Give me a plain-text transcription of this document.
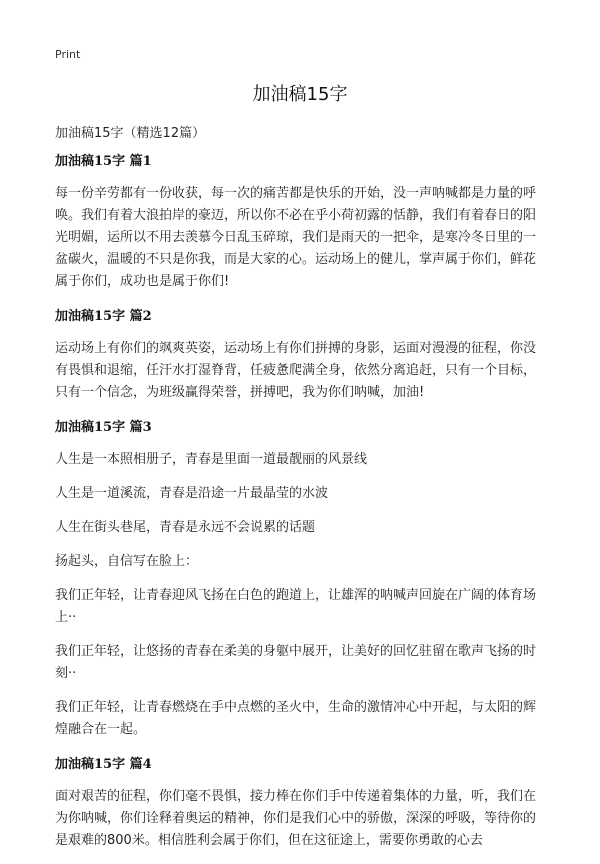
Print
加油稿15字
加油稿15字（精选12篇）
加油稿15字 篇1

每一份辛劳都有一份收获，每一次的痛苦都是快乐的开始，没一声呐喊都是力量的呼唤。我们有着大浪拍岸的豪迈，所以你不必在乎小荷初露的恬静，我们有着春日的阳光明媚，运所以不用去羡慕今日乱玉碎琼，我们是雨天的一把伞，是寒冷冬日里的一盆碳火，温暖的不只是你我，而是大家的心。运动场上的健儿，掌声属于你们，鲜花属于你们，成功也是属于你们!

加油稿15字 篇2

运动场上有你们的飒爽英姿，运动场上有你们拼搏的身影，运面对漫漫的征程，你没有畏惧和退缩，任汗水打湿脊背，任疲惫爬满全身，依然分离追赶，只有一个目标，只有一个信念，为班级赢得荣誉，拼搏吧，我为你们呐喊，加油!

加油稿15字 篇3

人生是一本照相册子，青春是里面一道最靓丽的风景线

人生是一道溪流，青春是沿途一片最晶莹的水波

人生在街头巷尾，青春是永远不会说累的话题

扬起头，自信写在脸上：

我们正年轻，让青春迎风飞扬在白色的跑道上，让雄浑的呐喊声回旋在广阔的体育场上··

我们正年轻，让悠扬的青春在柔美的身躯中展开，让美好的回忆驻留在歌声飞扬的时刻··

我们正年轻，让青春燃烧在手中点燃的圣火中，生命的激情冲心中开起，与太阳的辉煌融合在一起。

加油稿15字 篇4

面对艰苦的征程，你们毫不畏惧，接力棒在你们手中传递着集体的力量，听，我们在为你呐喊，你们诠释着奥运的精神，你们是我们心中的骄傲，深深的呼吸，等待你的是艰难的800米。相信胜利会属于你们，但在这征途上，需要你勇敢的心去
